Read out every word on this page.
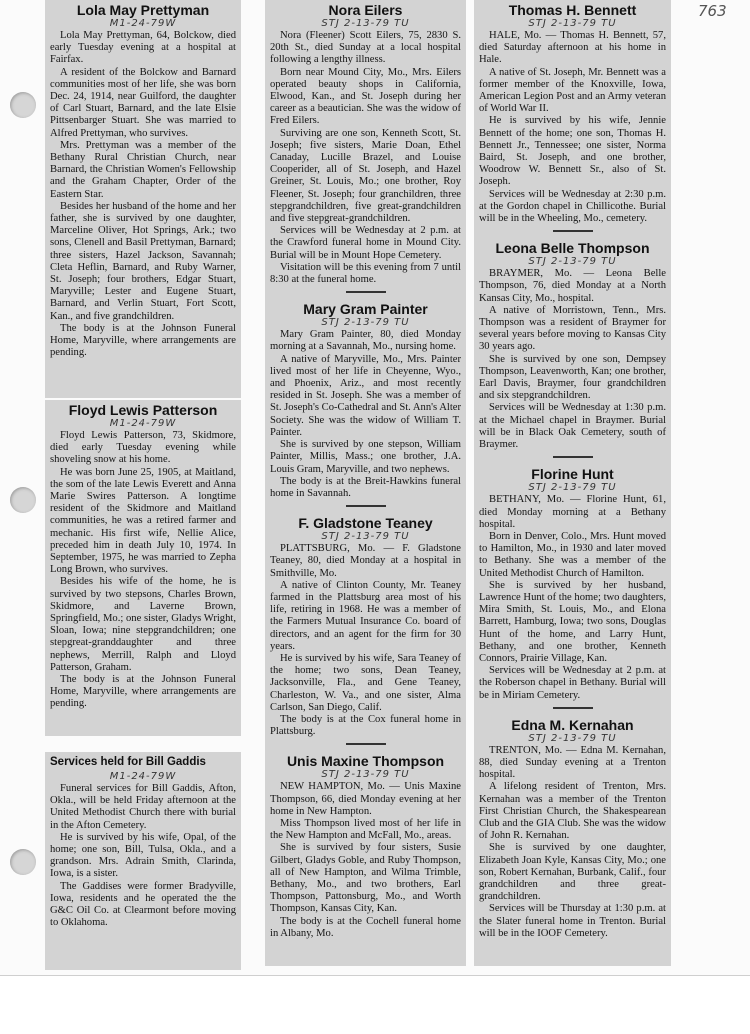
763
Lola May Prettyman
M1-24-79W

Lola May Prettyman, 64, Bolckow, died early Tuesday evening at a hospital at Fairfax.

A resident of the Bolckow and Barnard communities most of her life, she was born Dec. 24, 1914, near Guilford, the daughter of Carl Stuart, Barnard, and the late Elsie Pittsenbarger Stuart. She was married to Alfred Prettyman, who survives.

Mrs. Prettyman was a member of the Bethany Rural Christian Church, near Barnard, the Christian Women's Fellowship and the Graham Chapter, Order of the Eastern Star.

Besides her husband of the home and her father, she is survived by one daughter, Marceline Oliver, Hot Springs, Ark.; two sons, Clenell and Basil Prettyman, Barnard; three sisters, Hazel Jackson, Savannah; Cleta Heflin, Barnard, and Ruby Warner, St. Joseph; four brothers, Edgar Stuart, Maryville; Lester and Eugene Stuart, Barnard, and Verlin Stuart, Fort Scott, Kan., and five grandchildren.

The body is at the Johnson Funeral Home, Maryville, where arrangements are pending.

Floyd Lewis Patterson
M1-24-79W

Floyd Lewis Patterson, 73, Skidmore, died early Tuesday evening while shoveling snow at his home.

He was born June 25, 1905, at Maitland, the som of the late Lewis Everett and Anna Marie Swires Patterson. A longtime resident of the Skidmore and Maitland communities, he was a retired farmer and mechanic. His first wife, Nellie Alice, preceded him in death July 10, 1974. In September, 1975, he was married to Zepha Long Brown, who survives.

Besides his wife of the home, he is survived by two stepsons, Charles Brown, Skidmore, and Laverne Brown, Springfield, Mo.; one sister, Gladys Wright, Sloan, Iowa; nine stepgrandchildren; one stepgreat-granddaughter and three nephews, Merrill, Ralph and Lloyd Patterson, Graham.

The body is at the Johnson Funeral Home, Maryville, where arrangements are pending.

Services held for Bill Gaddis
M1-24-79W

Funeral services for Bill Gaddis, Afton, Okla., will be held Friday afternoon at the United Methodist Church there with burial in the Afton Cemetery.

He is survived by his wife, Opal, of the home; one son, Bill, Tulsa, Okla., and a grandson. Mrs. Adrain Smith, Clarinda, Iowa, is a sister.

The Gaddises were former Bradyville, Iowa, residents and he operated the the G&C Oil Co. at Clearmont before moving to Oklahoma.

Nora Eilers
STJ 2-13-79 TU

Nora (Fleener) Scott Eilers, 75, 2830 S. 20th St., died Sunday at a local hospital following a lengthy illness.

Born near Mound City, Mo., Mrs. Eilers operated beauty shops in California, Elwood, Kan., and St. Joseph during her career as a beautician. She was the widow of Fred Eilers.

Surviving are one son, Kenneth Scott, St. Joseph; five sisters, Marie Doan, Ethel Canaday, Lucille Brazel, and Louise Cooperider, all of St. Joseph, and Hazel Greiner, St. Louis, Mo.; one brother, Roy Fleener, St. Joseph; four granchildren, three stepgrandchildren, five great-grandchildren and five stepgreat-grandchildren.

Services will be Wednesday at 2 p.m. at the Crawford funeral home in Mound City. Burial will be in Mount Hope Cemetery.

Visitation will be this evening from 7 until 8:30 at the funeral home.

Mary Gram Painter
STJ 2-13-79 TU

Mary Gram Painter, 80, died Monday morning at a Savannah, Mo., nursing home.

A native of Maryville, Mo., Mrs. Painter lived most of her life in Cheyenne, Wyo., and Phoenix, Ariz., and most recently resided in St. Joseph. She was a member of St. Joseph's Co-Cathedral and St. Ann's Alter Society. She was the widow of William T. Painter.

She is survived by one stepson, William Painter, Millis, Mass.; one brother, J.A. Louis Gram, Maryville, and two nephews.

The body is at the Breit-Hawkins funeral home in Savannah.

F. Gladstone Teaney
STJ 2-13-79 TU

PLATTSBURG, Mo. — F. Gladstone Teaney, 80, died Monday at a hospital in Smithville, Mo.

A native of Clinton County, Mr. Teaney farmed in the Plattsburg area most of his life, retiring in 1968. He was a member of the Farmers Mutual Insurance Co. board of directors, and an agent for the firm for 30 years.

He is survived by his wife, Sara Teaney of the home; two sons, Dean Teaney, Jacksonville, Fla., and Gene Teaney, Charleston, W. Va., and one sister, Alma Carlson, San Diego, Calif.

The body is at the Cox funeral home in Plattsburg.

Unis Maxine Thompson
STJ 2-13-79 TU

NEW HAMPTON, Mo. — Unis Maxine Thompson, 66, died Monday evening at her home in New Hampton.

Miss Thompson lived most of her life in the New Hampton and McFall, Mo., areas.

She is survived by four sisters, Susie Gilbert, Gladys Goble, and Ruby Thompson, all of New Hampton, and Wilma Trimble, Bethany, Mo., and two brothers, Earl Thompson, Pattonsburg, Mo., and Worth Thompson, Kansas City, Kan.

The body is at the Cochell funeral home in Albany, Mo.

Thomas H. Bennett
STJ 2-13-79 TU

HALE, Mo. — Thomas H. Bennett, 57, died Saturday afternoon at his home in Hale.

A native of St. Joseph, Mr. Bennett was a former member of the Knoxville, Iowa, American Legion Post and an Army veteran of World War II.

He is survived by his wife, Jennie Bennett of the home; one son, Thomas H. Bennett Jr., Tennessee; one sister, Norma Baird, St. Joseph, and one brother, Woodrow W. Bennett Sr., also of St. Joseph.

Services will be Wednesday at 2:30 p.m. at the Gordon chapel in Chillicothe. Burial will be in the Wheeling, Mo., cemetery.

Leona Belle Thompson
STJ 2-13-79 TU

BRAYMER, Mo. — Leona Belle Thompson, 76, died Monday at a North Kansas City, Mo., hospital.

A native of Morristown, Tenn., Mrs. Thompson was a resident of Braymer for several years before moving to Kansas City 30 years ago.

She is survived by one son, Dempsey Thompson, Leavenworth, Kan; one brother, Earl Davis, Braymer, four grandchildren and six stepgrandchildren.

Services will be Wednesday at 1:30 p.m. at the Michael chapel in Braymer. Burial will be in Black Oak Cemetery, south of Braymer.

Florine Hunt
STJ 2-13-79 TU

BETHANY, Mo. — Florine Hunt, 61, died Monday morning at a Bethany hospital.

Born in Denver, Colo., Mrs. Hunt moved to Hamilton, Mo., in 1930 and later moved to Bethany. She was a member of the United Methodist Church of Hamilton.

She is survived by her husband, Lawrence Hunt of the home; two daughters, Mira Smith, St. Louis, Mo., and Elona Barrett, Hamburg, Iowa; two sons, Douglas Hunt of the home, and Larry Hunt, Bethany, and one brother, Kenneth Connors, Prairie Village, Kan.

Services will be Wednesday at 2 p.m. at the Roberson chapel in Bethany. Burial will be in Miriam Cemetery.

Edna M. Kernahan
STJ 2-13-79 TU

TRENTON, Mo. — Edna M. Kernahan, 88, died Sunday evening at a Trenton hospital.

A lifelong resident of Trenton, Mrs. Kernahan was a member of the Trenton First Christian Church, the Shakespearean Club and the GIA Club. She was the widow of John R. Kernahan.

She is survived by one daughter, Elizabeth Joan Kyle, Kansas City, Mo.; one son, Robert Kernahan, Burbank, Calif., four grandchildren and three great-grandchildren.

Services will be Thursday at 1:30 p.m. at the Slater funeral home in Trenton. Burial will be in the IOOF Cemetery.
